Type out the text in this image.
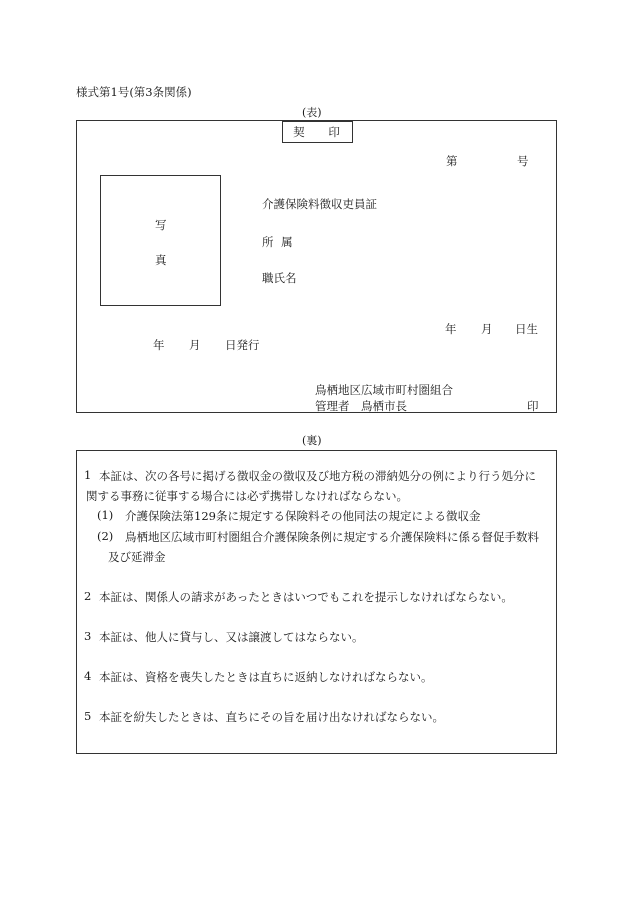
様式第1号(第3条関係)
(表)
契 印
第	号
写
真
介護保険料徴収吏員証
所 属
職氏名
年 月 日生
年 月 日発行
鳥栖地区広域市町村圏組合
管理者　鳥栖市長	印
(裏)
1 本証は、次の各号に掲げる徴収金の徴収及び地方税の滞納処分の例により行う処分に
関する事務に従事する場合には必ず携帯しなければならない。
(1) 介護保険法第129条に規定する保険料その他同法の規定による徴収金
(2) 鳥栖地区広域市町村圏組合介護保険条例に規定する介護保険料に係る督促手数料
及び延滞金
2 本証は、関係人の請求があったときはいつでもこれを提示しなければならない。
3 本証は、他人に貸与し、又は譲渡してはならない。
4 本証は、資格を喪失したときは直ちに返納しなければならない。
5 本証を紛失したときは、直ちにその旨を届け出なければならない。
